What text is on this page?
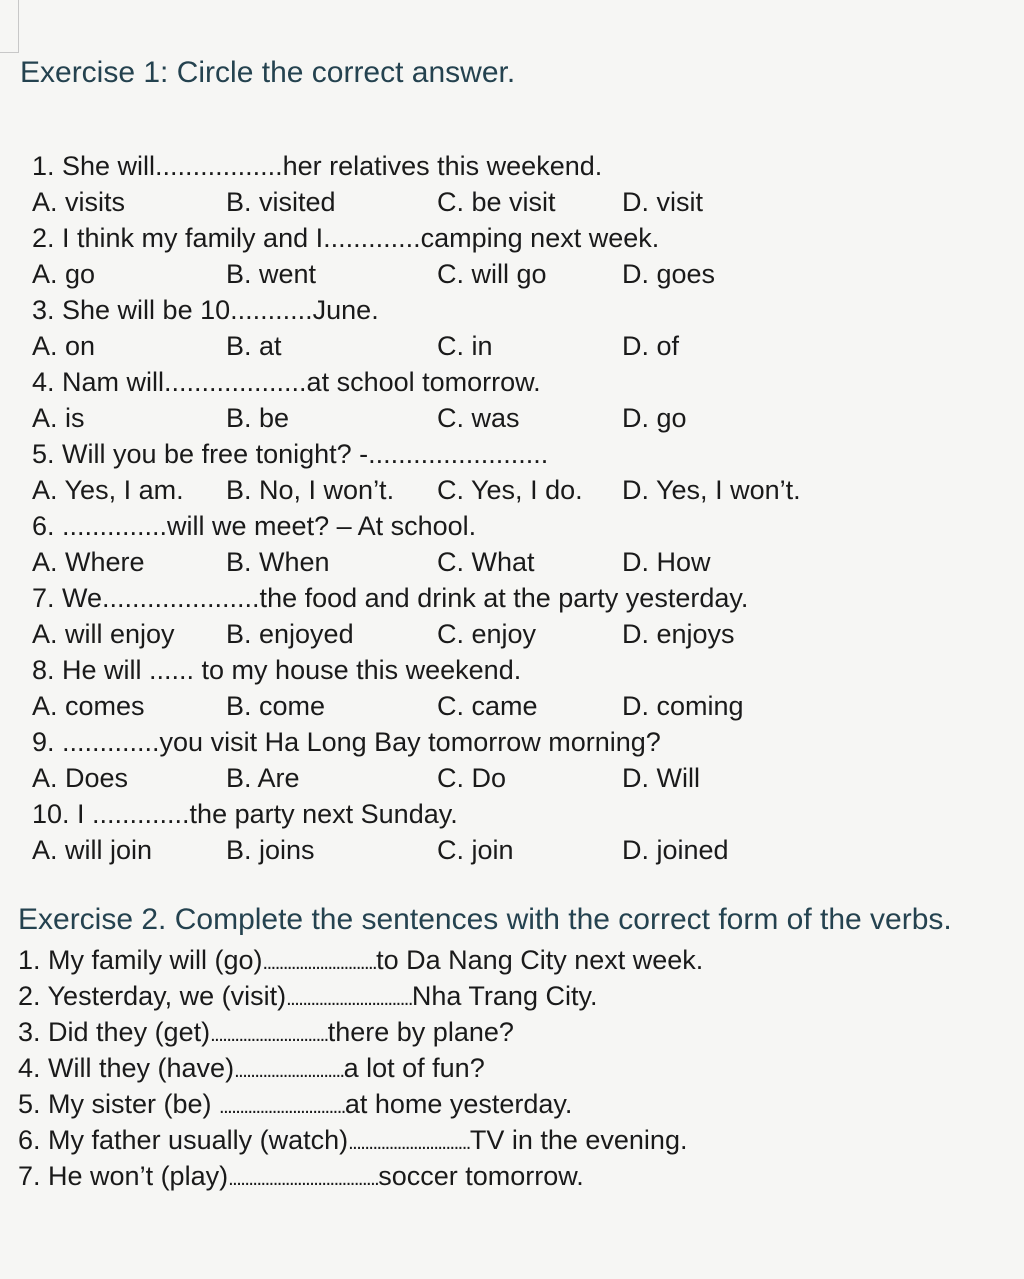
Exercise 1: Circle the correct answer.
1. She will.................her relatives this weekend.
A. visits	B. visited	C. be visit D. visit
2. I think my family and I.............camping next week.
A. go	B. went	C. will go	D. goes
3. She will be 10...........June.
A. on	B. at	C. in	D. of
4. Nam will...................at school tomorrow.
A. is	B. be	C. was	D. go
5. Will you be free tonight? -........................
A. Yes, I am. B. No, I won’t. C. Yes, I do. D. Yes, I won’t.
6. ..............will we meet? – At school.
A. Where	B. When	C. What	D. How
7. We.....................the food and drink at the party yesterday.
A. will enjoy B. enjoyed	C. enjoy	D. enjoys
8. He will ...... to my house this weekend.
A. comes	B. come	C. came	D. coming
9. .............you visit Ha Long Bay tomorrow morning?
A. Does	B. Are	C. Do	D. Will
10. I .............the party next Sunday.
A. will join	B. joins	C. join	D. joined
Exercise 2. Complete the sentences with the correct form of the verbs.
1. My family will (go)............................to Da Nang City next week.
2. Yesterday, we (visit)...............................Nha Trang City.
3. Did they (get).............................there by plane?
4. Will they (have)...........................a lot of fun?
5. My sister (be) ...............................at home yesterday.
6. My father usually (watch)..............................TV in the evening.
7. He won’t (play).....................................soccer tomorrow.
